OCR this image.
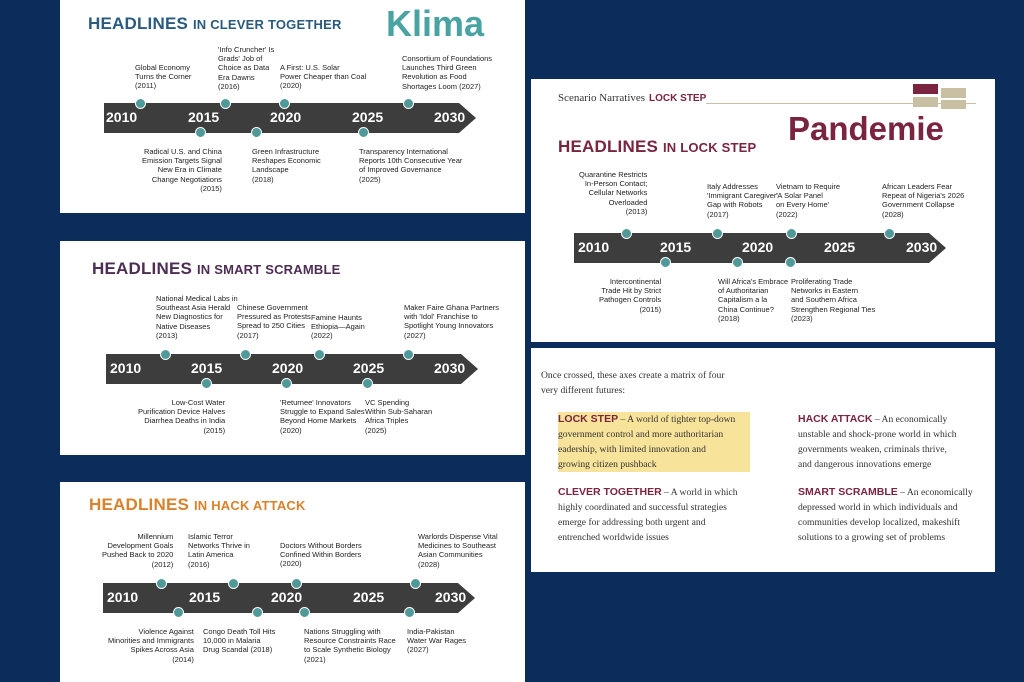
HEADLINES IN CLEVER TOGETHER Klima
Global Economy
Turns the Corner
(2011)
'Info Cruncher' Is
Grads' Job of
Choice as Data
Era Dawns
(2016)
A First: U.S. Solar
Power Cheaper than Coal
(2020)
Consortium of Foundations
Launches Third Green
Revolution as Food
Shortages Loom (2027)
2010	2015	2020	2025	2030
Radical U.S. and China
Emission Targets Signal
New Era in Climate
Change Negotiations
(2015)
Green Infrastructure
Reshapes Economic
Landscape
(2018)
Transparency International
Reports 10th Consecutive Year
of Improved Governance
(2025)
HEADLINES IN SMART SCRAMBLE
National Medical Labs in
Southeast Asia Herald
New Diagnostics for
Native Diseases
(2013)
Chinese Government
Pressured as Protests
Spread to 250 Cities
(2017)
Famine Haunts
Ethiopia—Again
(2022)
Maker Faire Ghana Partners
with 'Idol' Franchise to
Spotlight Young Innovators
(2027)
2010	2015	2020	2025	2030
Low-Cost Water
Purification Device Halves
Diarrhea Deaths in India
(2015)
'Returnee' Innovators
Struggle to Expand Sales
Beyond Home Markets
(2020)
VC Spending
Within Sub-Saharan
Africa Triples
(2025)
HEADLINES IN HACK ATTACK
Millennium
Development Goals
Pushed Back to 2020
(2012)
Islamic Terror
Networks Thrive in
Latin America
(2016)
Doctors Without Borders
Confined Within Borders
(2020)
Warlords Dispense Vital
Medicines to Southeast
Asian Communities
(2028)
2010	2015	2020	2025	2030
Violence Against
Minorities and Immigrants
Spikes Across Asia
(2014)
Congo Death Toll Hits
10,000 in Malaria
Drug Scandal (2018)
Nations Struggling with
Resource Constraints Race
to Scale Synthetic Biology
(2021)
India-Pakistan
Water War Rages
(2027)
Scenario Narratives LOCK STEP
Pandemie
HEADLINES IN LOCK STEP
Quarantine Restricts
In-Person Contact;
Cellular Networks
Overloaded
(2013)
Italy Addresses
'Immigrant Caregiver'
Gap with Robots
(2017)
Vietnam to Require
'A Solar Panel
on Every Home'
(2022)
African Leaders Fear
Repeat of Nigeria's 2026
Government Collapse
(2028)
2010	2015	2020	2025	2030
Intercontinental
Trade Hit by Strict
Pathogen Controls
(2015)
Will Africa's Embrace
of Authoritarian
Capitalism a la
China Continue?
(2018)
Proliferating Trade
Networks in Eastern
and Southern Africa
Strengthen Regional Ties
(2023)
Once crossed, these axes create a matrix of four
very different futures:
LOCK STEP – A world of tighter top-down
government control and more authoritarian
eadership, with limited innovation and
growing citizen pushback
HACK ATTACK – An economically
unstable and shock-prone world in which
governments weaken, criminals thrive,
and dangerous innovations emerge
CLEVER TOGETHER – A world in which
highly coordinated and successful strategies
emerge for addressing both urgent and
entrenched worldwide issues
SMART SCRAMBLE – An economically
depressed world in which individuals and
communities develop localized, makeshift
solutions to a growing set of problems
